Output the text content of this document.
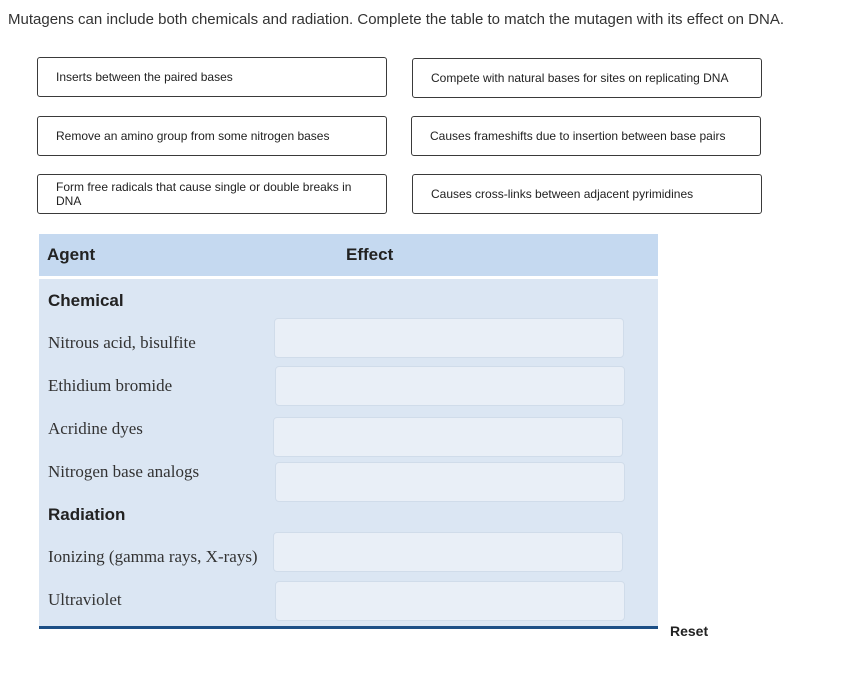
Mutagens can include both chemicals and radiation. Complete the table to match the mutagen with its effect on DNA.
Inserts between the paired bases	Compete with natural bases for sites on replicating DNA
Remove an amino group from some nitrogen bases	Causes frameshifts due to insertion between base pairs
Form free radicals that cause single or double breaks in DNA	Causes cross-links between adjacent pyrimidines
Agent	Effect
Chemical
Nitrous acid, bisulfite
Ethidium bromide
Acridine dyes
Nitrogen base analogs
Radiation
Ionizing (gamma rays, X-rays)
Ultraviolet
Reset
